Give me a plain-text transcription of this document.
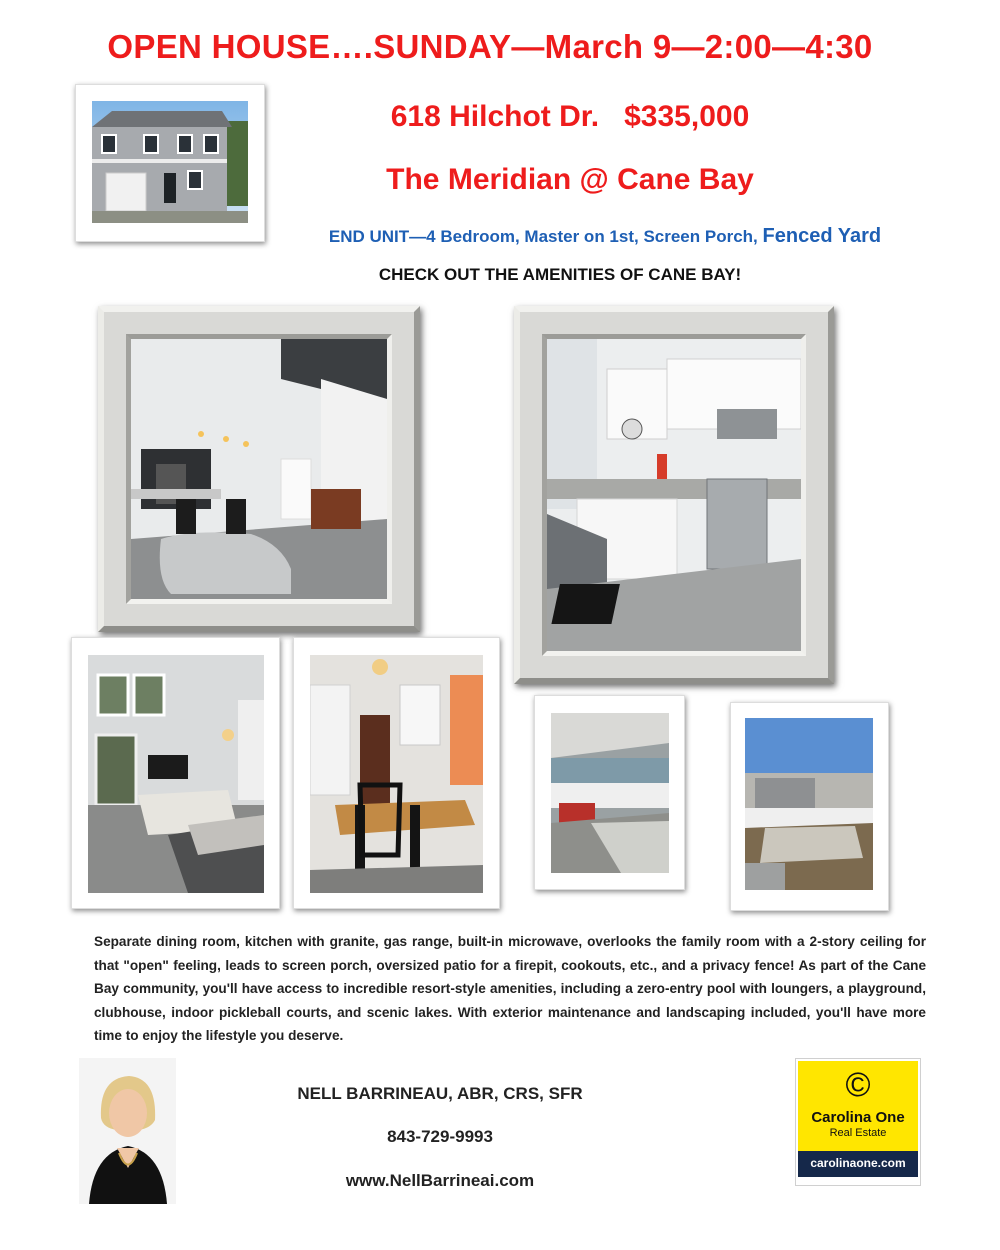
OPEN HOUSE….SUNDAY—March 9—2:00—4:30
618 Hilchot Dr.   $335,000
The Meridian @ Cane Bay
END UNIT—4 Bedroom, Master on 1st, Screen Porch, Fenced Yard
CHECK OUT THE AMENITIES OF CANE BAY!
Separate dining room, kitchen with granite, gas range, built-in microwave, overlooks the family room with a 2-story ceiling for that "open" feeling, leads to screen porch, oversized patio for a firepit, cookouts, etc., and a privacy fence! As part of the Cane Bay community, you'll have access to incredible resort-style amenities, including a zero-entry pool with loungers, a playground, clubhouse, indoor pickleball courts, and scenic lakes. With exterior maintenance and landscaping included, you'll have more time to enjoy the lifestyle you deserve.
NELL BARRINEAU, ABR, CRS, SFR
843-729-9993
www.NellBarrineai.com
©
Carolina One
Real Estate
carolinaone.com
